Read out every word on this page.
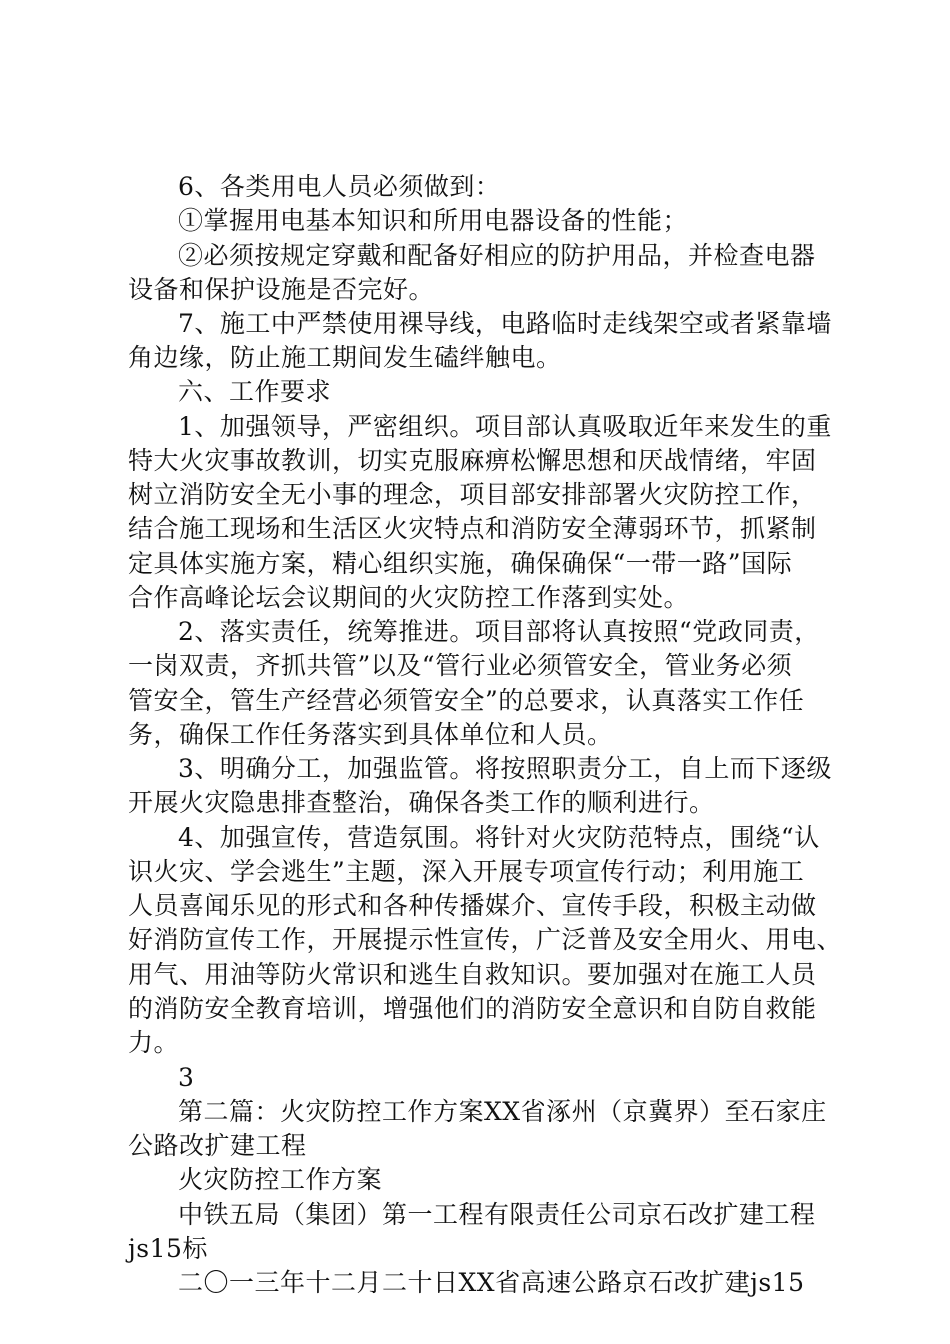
6、各类用电人员必须做到：
①掌握用电基本知识和所用电器设备的性能；
②必须按规定穿戴和配备好相应的防护用品，并检查电器
设备和保护设施是否完好。
7、施工中严禁使用裸导线，电路临时走线架空或者紧靠墙
角边缘，防止施工期间发生磕绊触电。
六、工作要求
1、加强领导，严密组织。项目部认真吸取近年来发生的重
特大火灾事故教训，切实克服麻痹松懈思想和厌战情绪，牢固
树立消防安全无小事的理念，项目部安排部署火灾防控工作，
结合施工现场和生活区火灾特点和消防安全薄弱环节，抓紧制
定具体实施方案，精心组织实施，确保确保“一带一路”国际
合作高峰论坛会议期间的火灾防控工作落到实处。
2、落实责任，统筹推进。项目部将认真按照“党政同责，
一岗双责，齐抓共管”以及“管行业必须管安全，管业务必须
管安全，管生产经营必须管安全”的总要求，认真落实工作任
务，确保工作任务落实到具体单位和人员。
3、明确分工，加强监管。将按照职责分工，自上而下逐级
开展火灾隐患排查整治，确保各类工作的顺利进行。
4、加强宣传，营造氛围。将针对火灾防范特点，围绕“认
识火灾、学会逃生”主题，深入开展专项宣传行动；利用施工
人员喜闻乐见的形式和各种传播媒介、宣传手段，积极主动做
好消防宣传工作，开展提示性宣传，广泛普及安全用火、用电、
用气、用油等防火常识和逃生自救知识。要加强对在施工人员
的消防安全教育培训，增强他们的消防安全意识和自防自救能
力。
3
第二篇：火灾防控工作方案XX省涿州（京冀界）至石家庄
公路改扩建工程
火灾防控工作方案
中铁五局（集团）第一工程有限责任公司京石改扩建工程
js15标
二〇一三年十二月二十日XX省高速公路京石改扩建js15
